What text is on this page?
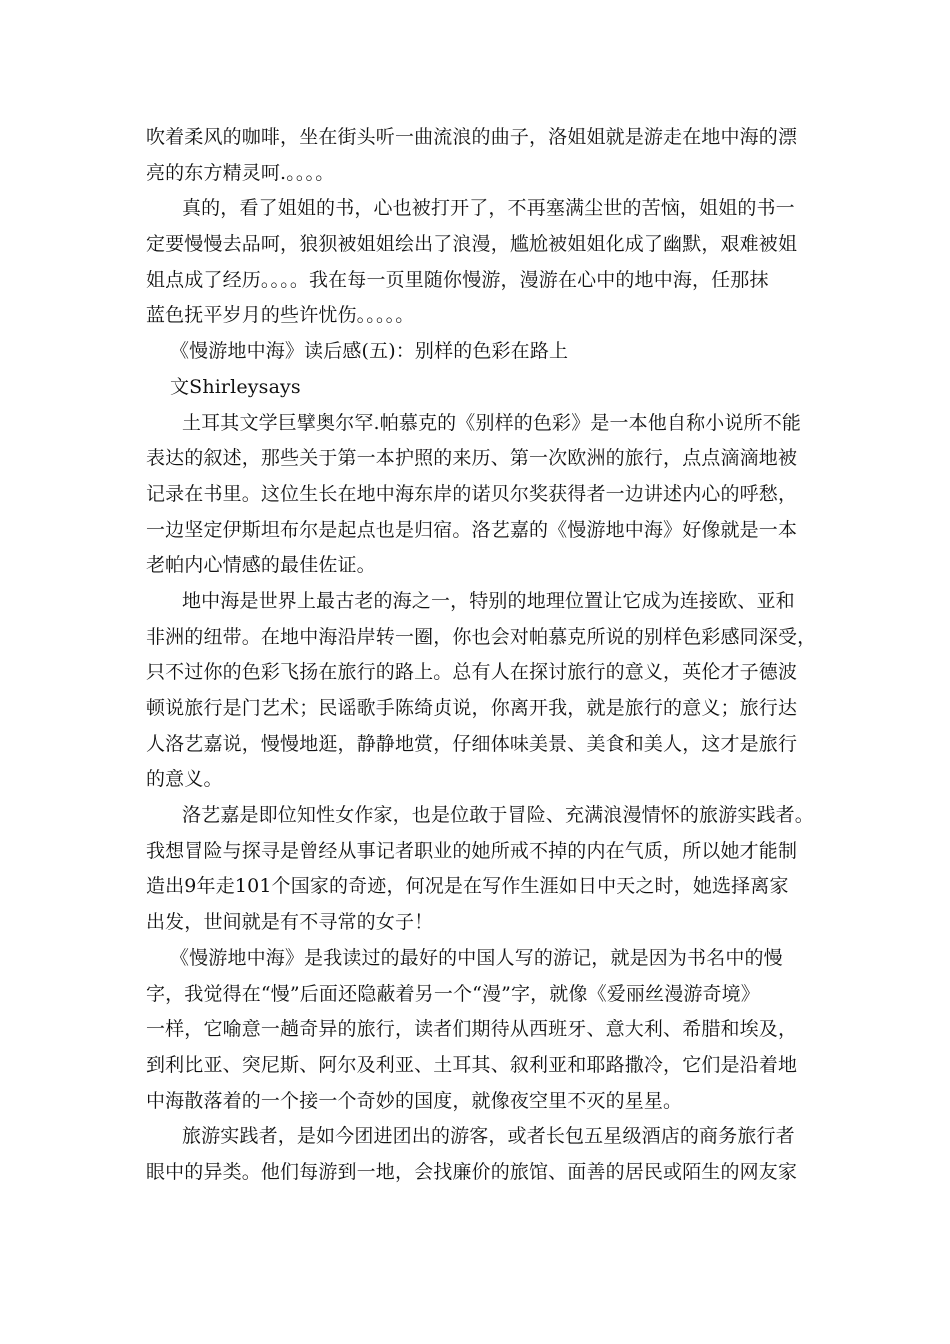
吹着柔风的咖啡，坐在街头听一曲流浪的曲子，洛姐姐就是游走在地中海的漂
亮的东方精灵呵.。。。。
真的，看了姐姐的书，心也被打开了，不再塞满尘世的苦恼，姐姐的书一
定要慢慢去品呵，狼狈被姐姐绘出了浪漫，尴尬被姐姐化成了幽默，艰难被姐
姐点成了经历。。。。我在每一页里随你慢游，漫游在心中的地中海，任那抹
蓝色抚平岁月的些许忧伤。。。。。
《慢游地中海》读后感(五)：别样的色彩在路上
文Shirleysays
土耳其文学巨擘奥尔罕.帕慕克的《别样的色彩》是一本他自称小说所不能
表达的叙述，那些关于第一本护照的来历、第一次欧洲的旅行，点点滴滴地被
记录在书里。这位生长在地中海东岸的诺贝尔奖获得者一边讲述内心的呼愁，
一边坚定伊斯坦布尔是起点也是归宿。洛艺嘉的《慢游地中海》好像就是一本
老帕内心情感的最佳佐证。
地中海是世界上最古老的海之一，特别的地理位置让它成为连接欧、亚和
非洲的纽带。在地中海沿岸转一圈，你也会对帕慕克所说的别样色彩感同深受，
只不过你的色彩飞扬在旅行的路上。总有人在探讨旅行的意义，英伦才子德波
顿说旅行是门艺术；民谣歌手陈绮贞说，你离开我，就是旅行的意义；旅行达
人洛艺嘉说，慢慢地逛，静静地赏，仔细体味美景、美食和美人，这才是旅行
的意义。
洛艺嘉是即位知性女作家，也是位敢于冒险、充满浪漫情怀的旅游实践者。
我想冒险与探寻是曾经从事记者职业的她所戒不掉的内在气质，所以她才能制
造出9年走101个国家的奇迹，何况是在写作生涯如日中天之时，她选择离家
出发，世间就是有不寻常的女子！
《慢游地中海》是我读过的最好的中国人写的游记，就是因为书名中的慢
字，我觉得在“慢”后面还隐蔽着另一个“漫”字，就像《爱丽丝漫游奇境》
一样，它喻意一趟奇异的旅行，读者们期待从西班牙、意大利、希腊和埃及，
到利比亚、突尼斯、阿尔及利亚、土耳其、叙利亚和耶路撒冷，它们是沿着地
中海散落着的一个接一个奇妙的国度，就像夜空里不灭的星星。
旅游实践者，是如今团进团出的游客，或者长包五星级酒店的商务旅行者
眼中的异类。他们每游到一地，会找廉价的旅馆、面善的居民或陌生的网友家
